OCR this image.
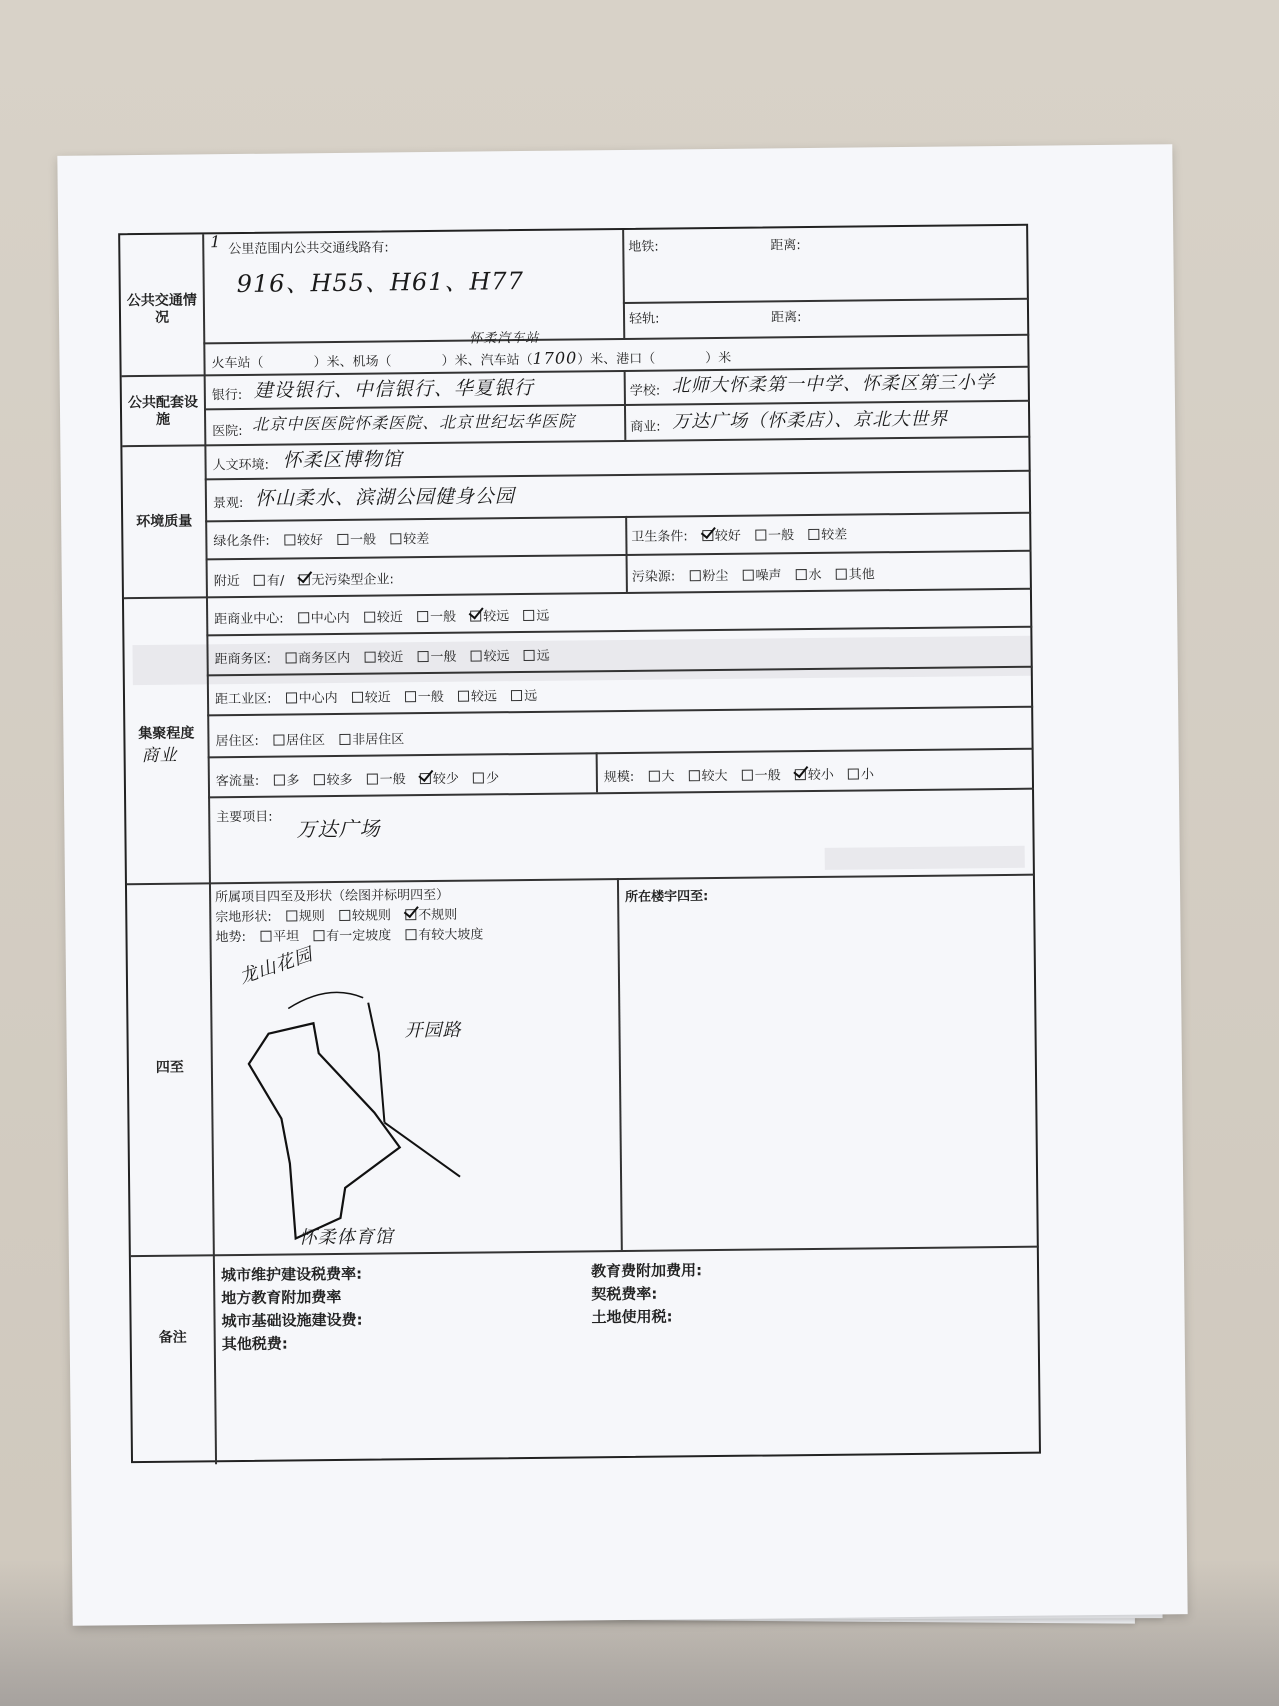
公共交通情况
1 公里范围内公共交通线路有:
916、H55、H61、H77
地铁:	距离:
轻轨:	距离:
火车站（	）米、机场（	）米、汽车站（1700）米、港口（	）米
怀柔汽车站
公共配套设施
银行: 建设银行、中信银行、华夏银行	学校: 北师大怀柔第一中学、怀柔区第三小学
医院: 北京中医医院怀柔医院、北京世纪坛华医院	商业: 万达广场（怀柔店）、京北大世界
环境质量
人文环境: 怀柔区博物馆
景观: 怀山柔水、滨湖公园健身公园
绿化条件: 较好 一般 较差	卫生条件: 较好 一般 较差
附近 有/ 无污染型企业:	污染源: 粉尘 噪声 水 其他
集聚程度
商业
距商业中心: 中心内 较近 一般 较远 远
距商务区: 商务区内 较近 一般 较远 远
距工业区: 中心内 较近 一般 较远 远
居住区: 居住区 非居住区
客流量: 多 较多 一般 较少 少	规模: 大 较大 一般 较小 小
主要项目: 万达广场
四至
所属项目四至及形状（绘图并标明四至）
宗地形状: 规则 较规则 不规则
地势: 平坦 有一定坡度 有较大坡度
所在楼宇四至:
龙山花园
开园路
怀柔体育馆
备注
城市维护建设税费率:
地方教育附加费率
城市基础设施建设费:
其他税费:
教育费附加费用:
契税费率:
土地使用税:
